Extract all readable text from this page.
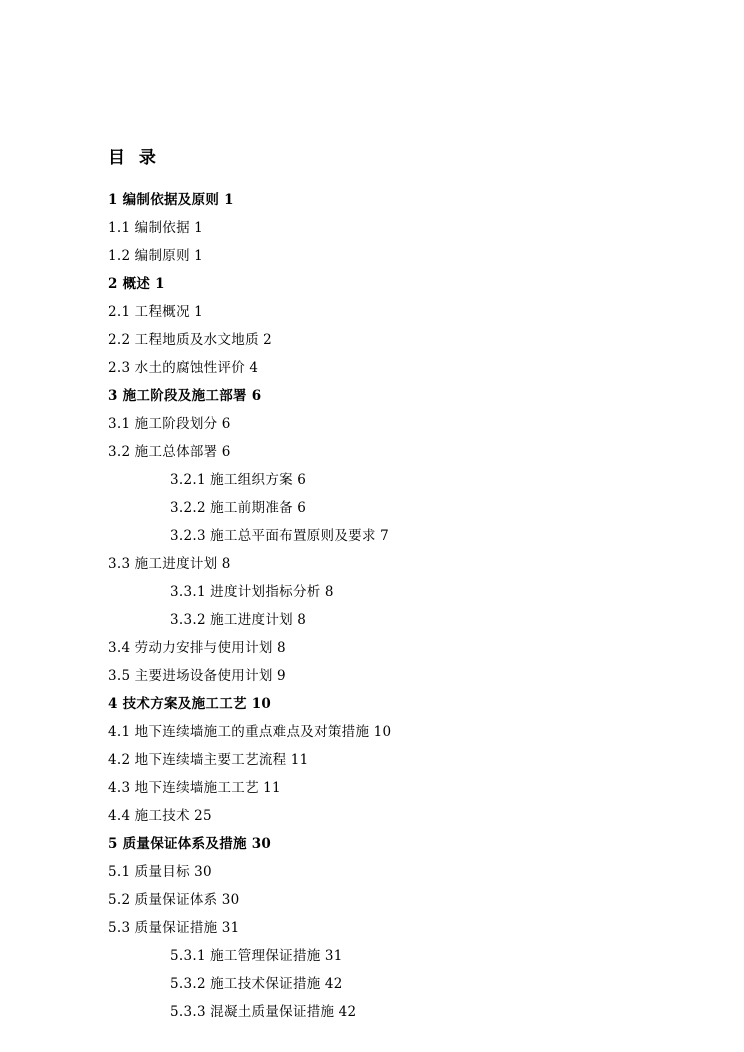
目 录
1 编制依据及原则 1
1.1 编制依据 1
1.2 编制原则 1
2 概述 1
2.1 工程概况 1
2.2 工程地质及水文地质 2
2.3 水土的腐蚀性评价 4
3 施工阶段及施工部署 6
3.1 施工阶段划分 6
3.2 施工总体部署 6
3.2.1 施工组织方案 6
3.2.2 施工前期准备 6
3.2.3 施工总平面布置原则及要求 7
3.3 施工进度计划 8
3.3.1 进度计划指标分析 8
3.3.2 施工进度计划 8
3.4 劳动力安排与使用计划 8
3.5 主要进场设备使用计划 9
4 技术方案及施工工艺 10
4.1 地下连续墙施工的重点难点及对策措施 10
4.2 地下连续墙主要工艺流程 11
4.3 地下连续墙施工工艺 11
4.4 施工技术 25
5 质量保证体系及措施 30
5.1 质量目标 30
5.2 质量保证体系 30
5.3 质量保证措施 31
5.3.1 施工管理保证措施 31
5.3.2 施工技术保证措施 42
5.3.3 混凝土质量保证措施 42
